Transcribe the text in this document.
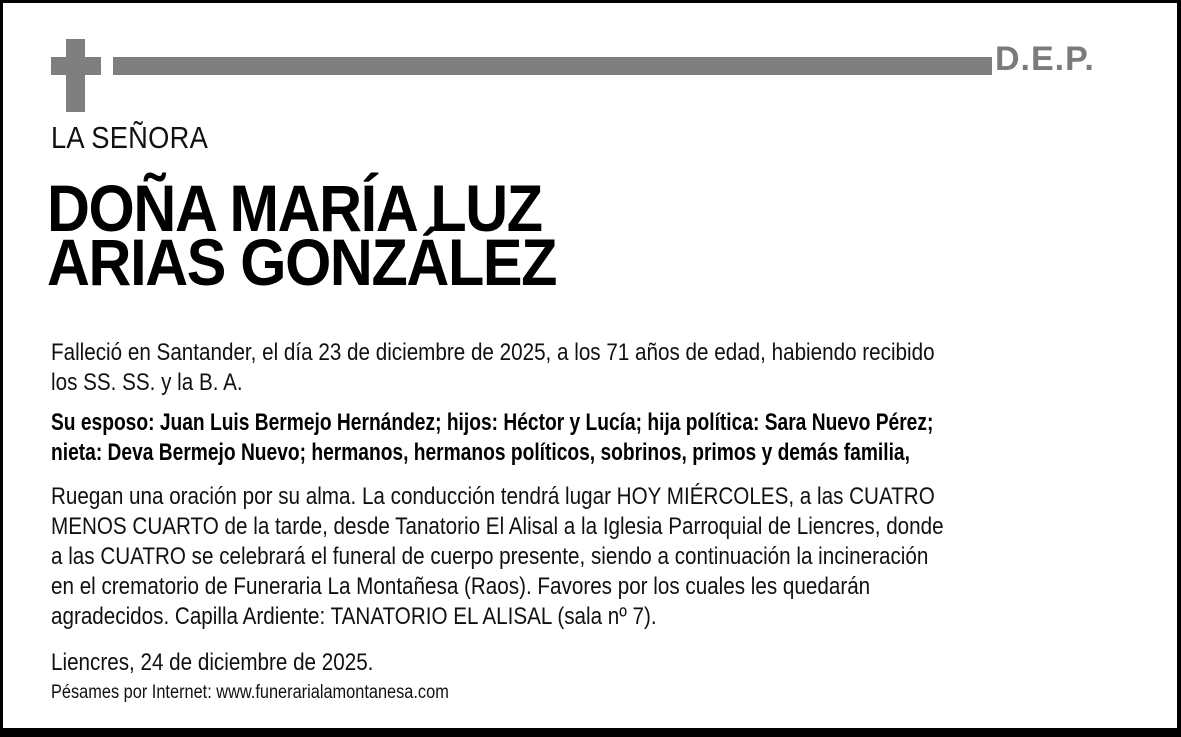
D.E.P.
LA SEÑORA
DOÑA MARÍA LUZ
ARIAS GONZÁLEZ
Falleció en Santander, el día 23 de diciembre de 2025, a los 71 años de edad, habiendo recibido
los SS. SS. y la B. A.
Su esposo: Juan Luis Bermejo Hernández; hijos: Héctor y Lucía; hija política: Sara Nuevo Pérez;
nieta: Deva Bermejo Nuevo; hermanos, hermanos políticos, sobrinos, primos y demás familia,
Ruegan una oración por su alma. La conducción tendrá lugar HOY MIÉRCOLES, a las CUATRO
MENOS CUARTO de la tarde, desde Tanatorio El Alisal a la Iglesia Parroquial de Liencres, donde
a las CUATRO se celebrará el funeral de cuerpo presente, siendo a continuación la incineración
en el crematorio de Funeraria La Montañesa (Raos). Favores por los cuales les quedarán
agradecidos. Capilla Ardiente: TANATORIO EL ALISAL (sala nº 7).
Liencres, 24 de diciembre de 2025.
Pésames por Internet: www.funerarialamontanesa.com
